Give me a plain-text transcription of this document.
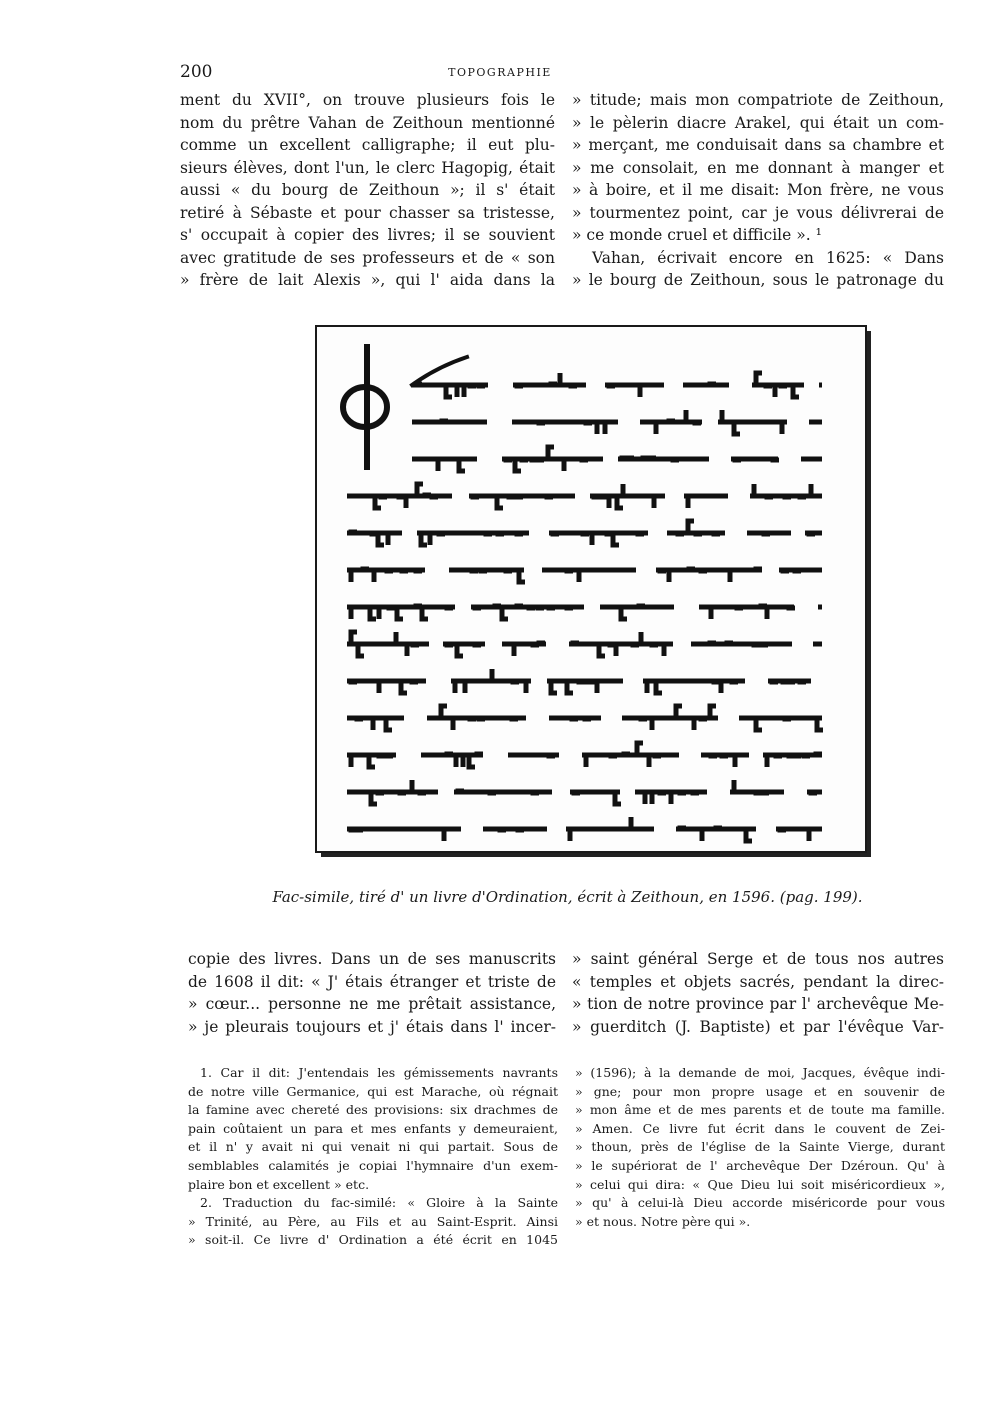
200	TOPOGRAPHIE

ment du XVII°, on trouve plusieurs fois le

nom du prêtre Vahan de Zeithoun mentionné

comme un excellent calligraphe; il eut plu-

sieurs élèves, dont l'un, le clerc Hagopig, était

aussi « du bourg de Zeithoun »; il s' était

retiré à Sébaste et pour chasser sa tristesse,

s' occupait à copier des livres; il se souvient

avec gratitude de ses professeurs et de « son

» frère de lait Alexis », qui l' aida dans la

» titude; mais mon compatriote de Zeithoun,

» le pèlerin diacre Arakel, qui était un com-

» merçant, me conduisait dans sa chambre et

» me consolait, en me donnant à manger et

» à boire, et il me disait: Mon frère, ne vous

» tourmentez point, car je vous délivrerai de

» ce monde cruel et difficile ». ¹

Vahan, écrivait encore en 1625: « Dans

» le bourg de Zeithoun, sous le patronage du

Fac-simile, tiré d' un livre d'Ordination, écrit à Zeithoun, en 1596. (pag. 199).

copie des livres. Dans un de ses manuscrits

de 1608 il dit: « J' étais étranger et triste de

» cœur... personne ne me prêtait assistance,

» je pleurais toujours et j' étais dans l' incer-

» saint général Serge et de tous nos autres

« temples et objets sacrés, pendant la direc-

» tion de notre province par l' archevêque Me-

» guerditch (J. Baptiste) et par l'évêque Var-

1. Car il dit: J'entendais les gémissements navrants

de notre ville Germanice, qui est Marache, où régnait

la famine avec chereté des provisions: six drachmes de

pain coûtaient un para et mes enfants y demeuraient,

et il n' y avait ni qui venait ni qui partait. Sous de

semblables calamités je copiai l'hymnaire d'un exem-

plaire bon et excellent » etc.

2. Traduction du fac-similé: « Gloire à la Sainte

» Trinité, au Père, au Fils et au Saint-Esprit. Ainsi

» soit-il. Ce livre d' Ordination a été écrit en 1045

» (1596); à la demande de moi, Jacques, évêque indi-

» gne; pour mon propre usage et en souvenir de

» mon âme et de mes parents et de toute ma famille.

» Amen. Ce livre fut écrit dans le couvent de Zei-

» thoun, près de l'église de la Sainte Vierge, durant

» le supériorat de l' archevêque Der Dzéroun. Qu' à

» celui qui dira: « Que Dieu lui soit miséricordieux »,

» qu' à celui-là Dieu accorde miséricorde pour vous

» et nous. Notre père qui ».
